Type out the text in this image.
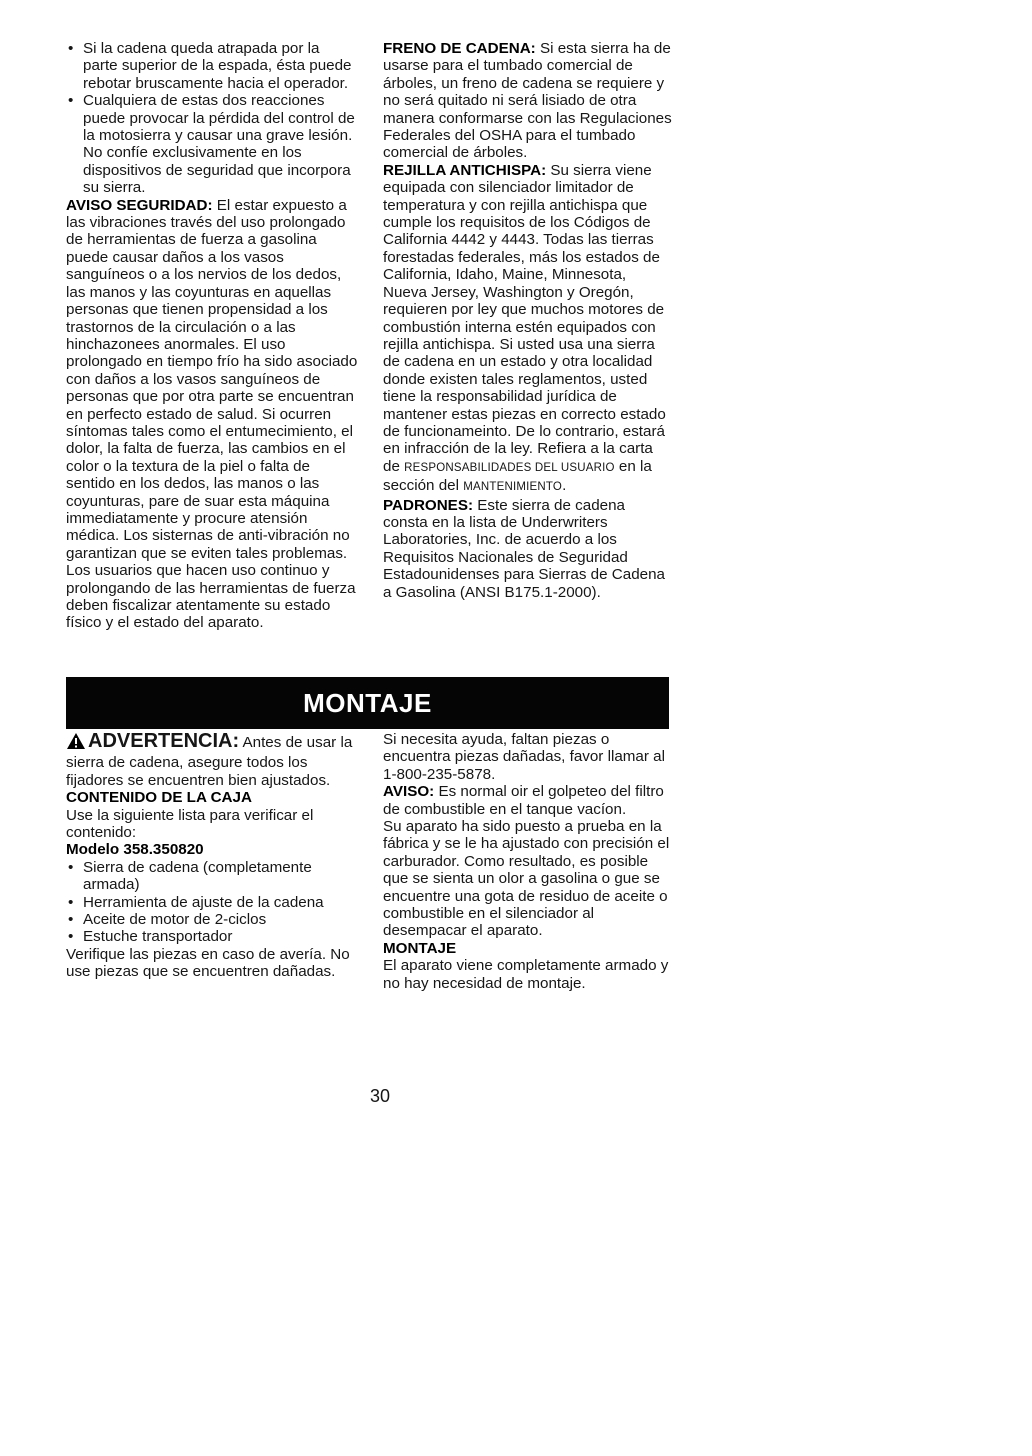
• Si la cadena queda atrapada por la parte superior de la espada, ésta puede rebotar bruscamente hacia el operador.

• Cualquiera de estas dos reacciones puede provocar la pérdida del control de la motosierra y causar una grave lesión. No confíe exclusivamente en los dispositivos de seguridad que incorpora su sierra.

AVISO SEGURIDAD: El estar expuesto a las vibraciones través del uso prolongado de herramientas de fuerza a gasolina puede causar daños a los vasos sanguíneos o a los nervios de los dedos, las manos y las coyunturas en aquellas personas que tienen propensidad a los trastornos de la circulación o a las hinchazonees anormales. El uso prolongado en tiempo frío ha sido asociado con daños a los vasos sanguíneos de personas que por otra parte se encuentran en perfecto estado de salud. Si ocurren síntomas tales como el entumecimiento, el dolor, la falta de fuerza, las cambios en el color o la textura de la piel o falta de sentido en los dedos, las manos o las coyunturas, pare de suar esta máquina immediatamente y procure atensión médica. Los sisternas de anti-vibración no garantizan que se eviten tales problemas. Los usuarios que hacen uso continuo y prolongando de las herramientas de fuerza deben fiscalizar atentamente su estado físico y el estado del aparato.

FRENO DE CADENA: Si esta sierra ha de usarse para el tumbado comercial de árboles, un freno de cadena se requiere y no será quitado ni será lisiado de otra manera conformarse con las Regulaciones Federales del OSHA para el tumbado comercial de árboles.

REJILLA ANTICHISPA: Su sierra viene equipada con silenciador limitador de temperatura y con rejilla antichispa que cumple los requisitos de los Códigos de California 4442 y 4443. Todas las tierras forestadas federales, más los estados de California, Idaho, Maine, Minnesota, Nueva Jersey, Washington y Oregón, requieren por ley que muchos motores de combustión interna estén equipados con rejilla antichispa. Si usted usa una sierra de cadena en un estado y otra localidad donde existen tales reglamentos, usted tiene la responsabilidad jurídica de mantener estas piezas en correcto estado de funcionameinto. De lo contrario, estará en infracción de la ley. Refiera a la carta de RESPONSABILIDADES DEL USUARIO en la sección del MANTENIMIENTO.

PADRONES: Este sierra de cadena consta en la lista de Underwriters Laboratories, Inc. de acuerdo a los Requisitos Nacionales de Seguridad Estadounidenses para Sierras de Cadena a Gasolina (ANSI B175.1-2000).

MONTAJE

ADVERTENCIA: Antes de usar la sierra de cadena, asegure todos los fijadores se encuentren bien ajustados.

CONTENIDO DE LA CAJA

Use la siguiente lista para verificar el contenido:

Modelo 358.350820

• Sierra de cadena (completamente armada)

• Herramienta de ajuste de la cadena

• Aceite de motor de 2-ciclos

• Estuche transportador

Verifique las piezas en caso de avería. No use piezas que se encuentren dañadas.

Si necesita ayuda, faltan piezas o encuentra piezas dañadas, favor llamar al 1-800-235-5878.

AVISO: Es normal oir el golpeteo del filtro de combustible en el tanque vacíon.

Su aparato ha sido puesto a prueba en la fábrica y se le ha ajustado con precisión el carburador. Como resultado, es posible que se sienta un olor a gasolina o gue se encuentre una gota de residuo de aceite o combustible en el silenciador al desempacar el aparato.

MONTAJE

El aparato viene completamente armado y no hay necesidad de montaje.

30
